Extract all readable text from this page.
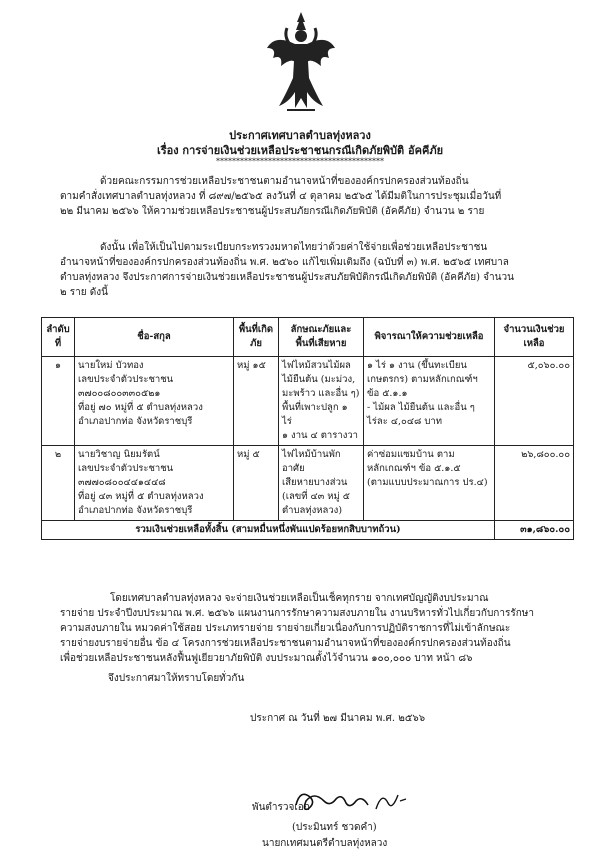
ประกาศเทศบาลตำบลทุ่งหลวง
เรื่อง การจ่ายเงินช่วยเหลือประชาชนกรณีเกิดภัยพิบัติ อัคคีภัย
******************************************
ด้วยคณะกรรมการช่วยเหลือประชาชนตามอำนาจหน้าที่ขององค์กรปกครองส่วนท้องถิ่น
ตามคำสั่งเทศบาลตำบลทุ่งหลวง ที่ ๘๙๗/๒๕๖๕ ลงวันที่ ๔ ตุลาคม ๒๕๖๕ ได้มีมติในการประชุมเมื่อวันที่
๒๒ มีนาคม ๒๕๖๖ ให้ความช่วยเหลือประชาชนผู้ประสบภัยกรณีเกิดภัยพิบัติ (อัคคีภัย) จำนวน ๒ ราย
ดังนั้น เพื่อให้เป็นไปตามระเบียบกระทรวงมหาดไทยว่าด้วยค่าใช้จ่ายเพื่อช่วยเหลือประชาชน
อำนาจหน้าที่ขององค์กรปกครองส่วนท้องถิ่น พ.ศ. ๒๕๖๐ แก้ไขเพิ่มเติมถึง (ฉบับที่ ๓) พ.ศ. ๒๕๖๕ เทศบาล
ตำบลทุ่งหลวง จึงประกาศการจ่ายเงินช่วยเหลือประชาชนผู้ประสบภัยพิบัติกรณีเกิดภัยพิบัติ (อัคคีภัย) จำนวน
๒ ราย ดังนี้
ลำดับที่	ชื่อ-สกุล	พื้นที่เกิดภัย	ลักษณะภัยและพื้นที่เสียหาย	พิจารณาให้ความช่วยเหลือ	จำนวนเงินช่วยเหลือ
๑	นายใหม่ บัวทอง
เลขประจำตัวประชาชน
๓๗๐๐๘๐๐๓๓๐๕๒๑
ที่อยู่ ๗๐ หมู่ที่ ๕ ตำบลทุ่งหลวง
อำเภอปากท่อ จังหวัดราชบุรี	หมู่ ๑๕	ไฟไหม้สวนไม้ผล
ไม้ยืนต้น (มะม่วง,
มะพร้าว และอื่น ๆ)
พื้นที่เพาะปลูก ๑ ไร่
๑ งาน ๔ ตารางวา	๑ ไร่ ๑ งาน (ขึ้นทะเบียน
เกษตรกร) ตามหลักเกณฑ์ฯ
ข้อ ๕.๑.๑
- ไม้ผล ไม้ยืนต้น และอื่น ๆ
ไร่ละ ๔,๐๔๘ บาท	๕,๐๖๐.๐๐
๒	นายวิชาญ นิยมรัตน์
เลขประจำตัวประชาชน
๓๗๗๐๘๐๐๔๔๑๔๔๘
ที่อยู่ ๔๓ หมู่ที่ ๕ ตำบลทุ่งหลวง
อำเภอปากท่อ จังหวัดราชบุรี	หมู่ ๕	ไฟไหม้บ้านพักอาศัย
เสียหายบางส่วน
(เลขที่ ๔๓ หมู่ ๕
ตำบลทุ่งหลวง)	ค่าซ่อมแซมบ้าน ตาม
หลักเกณฑ์ฯ ข้อ ๕.๑.๕
(ตามแบบประมาณการ ปร.๔)	๒๖,๘๐๐.๐๐
รวมเงินช่วยเหลือทั้งสิ้น (สามหมื่นหนึ่งพันแปดร้อยหกสิบบาทถ้วน)					๓๑,๘๖๐.๐๐
โดยเทศบาลตำบลทุ่งหลวง จะจ่ายเงินช่วยเหลือเป็นเช็คทุกราย จากเทศบัญญัติงบประมาณ
รายจ่าย ประจำปีงบประมาณ พ.ศ. ๒๕๖๖ แผนงานการรักษาความสงบภายใน งานบริหารทั่วไปเกี่ยวกับการรักษา
ความสงบภายใน หมวดค่าใช้สอย ประเภทรายจ่าย รายจ่ายเกี่ยวเนื่องกับการปฏิบัติราชการที่ไม่เข้าลักษณะ
รายจ่ายงบรายจ่ายอื่น ข้อ ๔ โครงการช่วยเหลือประชาชนตามอำนาจหน้าที่ขององค์กรปกครองส่วนท้องถิ่น
เพื่อช่วยเหลือประชาชนหลังฟื้นฟูเยียวยาภัยพิบัติ งบประมาณตั้งไว้จำนวน ๑๐๐,๐๐๐ บาท หน้า ๘๖
จึงประกาศมาให้ทราบโดยทั่วกัน
ประกาศ ณ วันที่ ๒๗ มีนาคม พ.ศ. ๒๕๖๖
พันตำรวจเอก
(ประมินทร์ ชวดคำ)
นายกเทศมนตรีตำบลทุ่งหลวง
